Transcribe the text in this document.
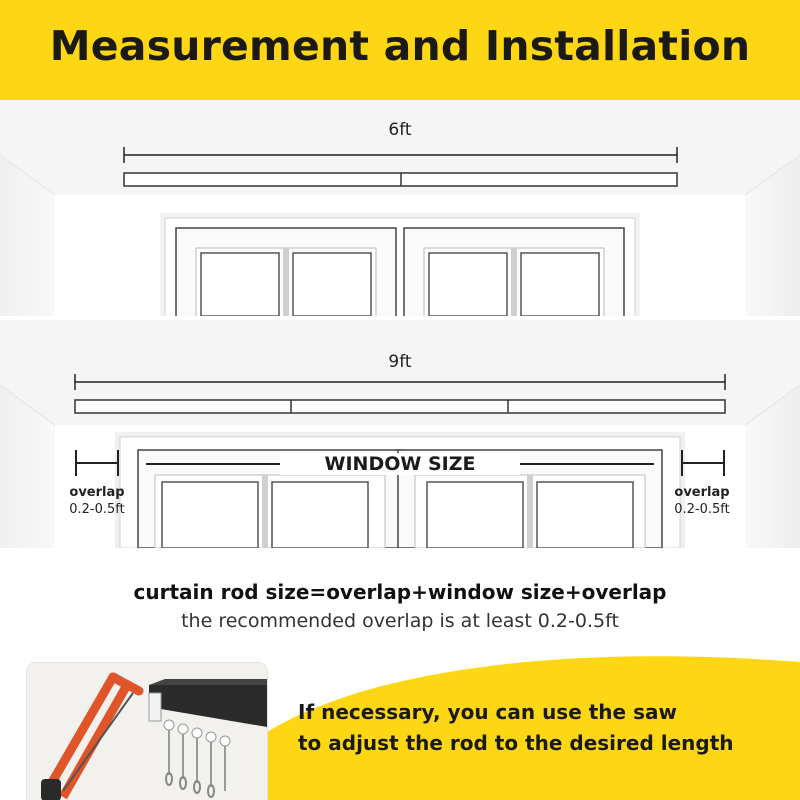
Measurement and Installation
6ft
9ft
WINDOW SIZE
overlap
0.2-0.5ft
overlap
0.2-0.5ft
curtain rod size=overlap+window size+overlap
the recommended overlap is at least 0.2-0.5ft
If necessary, you can use the saw
to adjust the rod to the desired length
